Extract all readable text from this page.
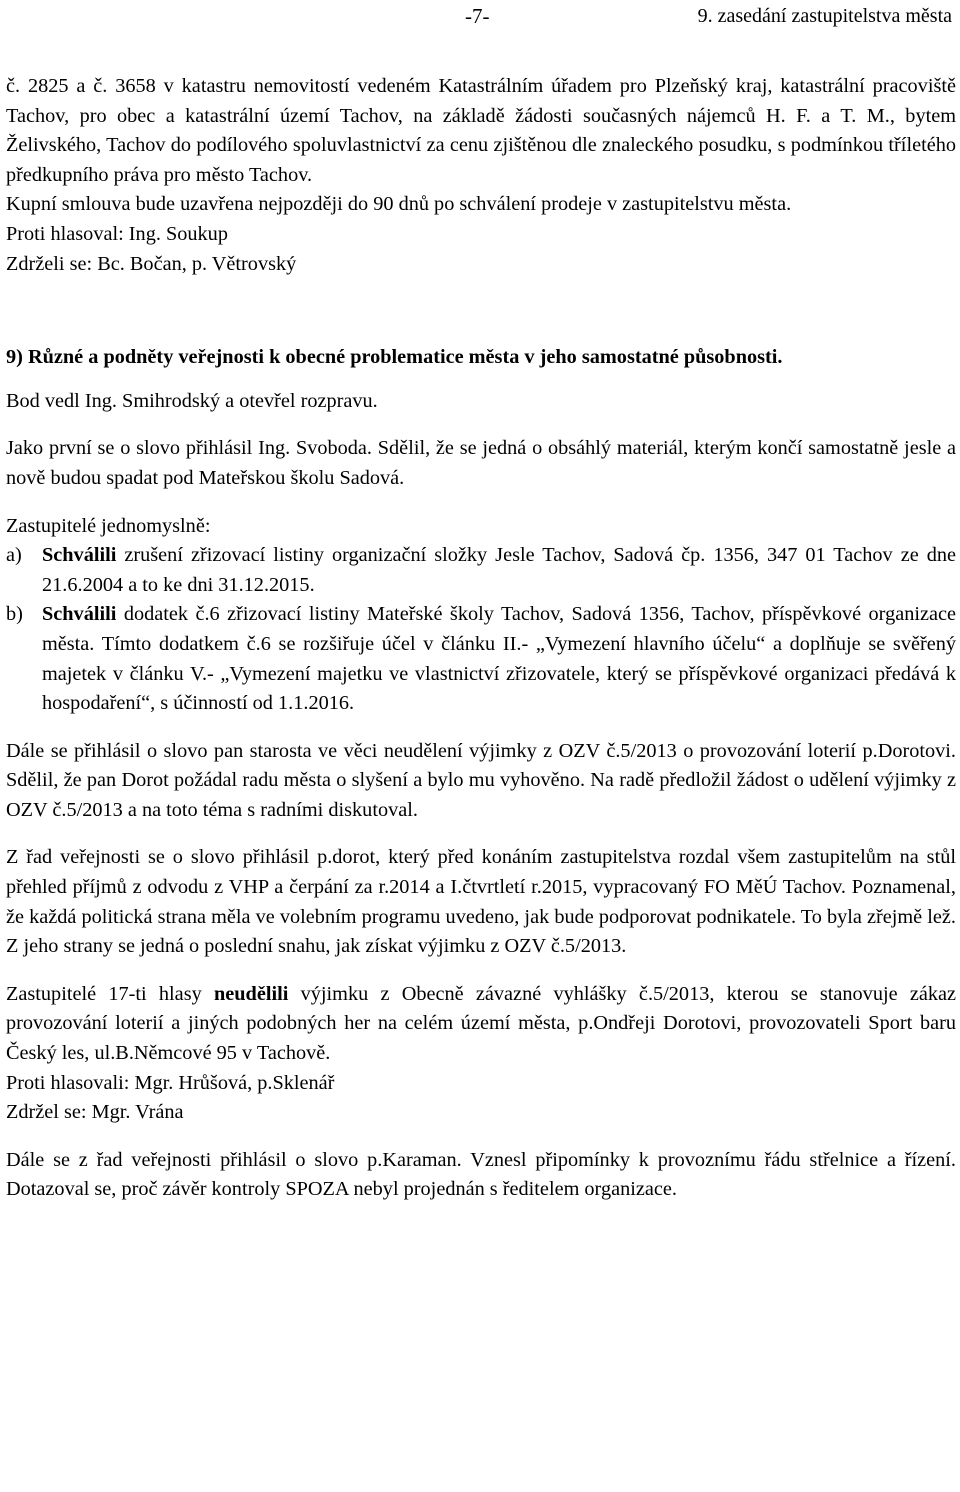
-7-	9. zasedání zastupitelstva města

č. 2825 a č. 3658 v katastru nemovitostí vedeném Katastrálním úřadem pro Plzeňský kraj, katastrální pracoviště Tachov, pro obec a katastrální území Tachov, na základě žádosti současných nájemců H. F. a T. M., bytem Želivského, Tachov do podílového spoluvlastnictví za cenu zjištěnou dle znaleckého posudku, s podmínkou tříletého předkupního práva pro město Tachov.

Kupní smlouva bude uzavřena nejpozději do 90 dnů po schválení prodeje v zastupitelstvu města.

Proti hlasoval: Ing. Soukup

Zdrželi se: Bc. Bočan, p. Větrovský

9) Různé a podněty veřejnosti k obecné problematice města v jeho samostatné působnosti.

Bod vedl Ing. Smihrodský a otevřel rozpravu.

Jako první se o slovo přihlásil Ing. Svoboda. Sdělil, že se jedná o obsáhlý materiál, kterým končí samostatně jesle a nově budou spadat pod Mateřskou školu Sadová.

Zastupitelé jednomyslně:

a) Schválili zrušení zřizovací listiny organizační složky Jesle Tachov, Sadová čp. 1356, 347 01 Tachov ze dne 21.6.2004 a to ke dni 31.12.2015.

b) Schválili dodatek č.6 zřizovací listiny Mateřské školy Tachov, Sadová 1356, Tachov, příspěvkové organizace města. Tímto dodatkem č.6 se rozšiřuje účel v článku II.- „Vymezení hlavního účelu“ a doplňuje se svěřený majetek v článku V.- „Vymezení majetku ve vlastnictví zřizovatele, který se příspěvkové organizaci předává k hospodaření“, s účinností od 1.1.2016.

Dále se přihlásil o slovo pan starosta ve věci neudělení výjimky z OZV č.5/2013 o provozování loterií p.Dorotovi. Sdělil, že pan Dorot požádal radu města o slyšení a bylo mu vyhověno. Na radě předložil žádost o udělení výjimky z OZV č.5/2013 a na toto téma s radními diskutoval.

Z řad veřejnosti se o slovo přihlásil p.dorot, který před konáním zastupitelstva rozdal všem zastupitelům na stůl přehled příjmů z odvodu z VHP a čerpání za r.2014 a I.čtvrtletí r.2015, vypracovaný FO MěÚ Tachov. Poznamenal, že každá politická strana měla ve volebním programu uvedeno, jak bude podporovat podnikatele. To byla zřejmě lež. Z jeho strany se jedná o poslední snahu, jak získat výjimku z OZV č.5/2013.

Zastupitelé 17-ti hlasy neudělili výjimku z Obecně závazné vyhlášky č.5/2013, kterou se stanovuje zákaz provozování loterií a jiných podobných her na celém území města, p.Ondřeji Dorotovi, provozovateli Sport baru Český les, ul.B.Němcové 95 v Tachově.

Proti hlasovali: Mgr. Hrůšová, p.Sklenář

Zdržel se: Mgr. Vrána

Dále se z řad veřejnosti přihlásil o slovo p.Karaman. Vznesl připomínky k provoznímu řádu střelnice a řízení. Dotazoval se, proč závěr kontroly SPOZA nebyl projednán s ředitelem organizace.
